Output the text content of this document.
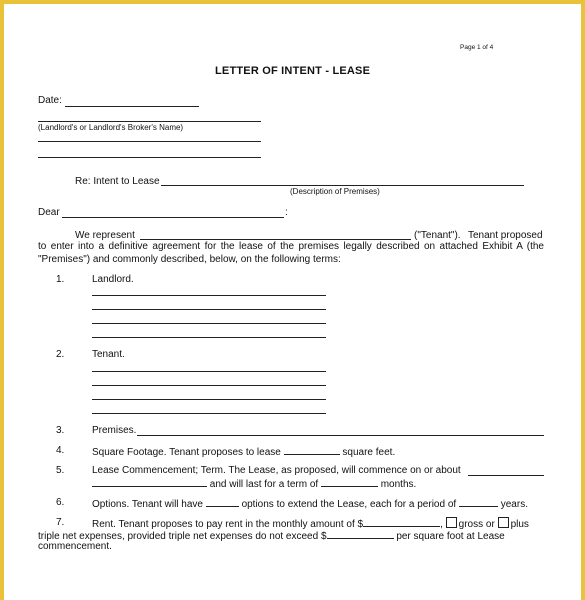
Page 1 of 4
LETTER OF INTENT - LEASE
Date:
(Landlord's or Landlord's Broker's Name)
Re: Intent to Lease
(Description of Premises)
Dear	:
We represent	("Tenant"). Tenant proposed
to enter into a definitive agreement for the lease of the premises legally described on attached Exhibit A (the
"Premises") and commonly described, below, on the following terms:
1.	Landlord.
2.	Tenant.
3.	Premises.
4.	Square Footage. Tenant proposes to lease	square feet.
5.	Lease Commencement; Term. The Lease, as proposed, will commence on or about
and will last for a term of	months.
6.	Options. Tenant will have	options to extend the Lease, each for a period of	years.
7.	Rent. Tenant proposes to pay rent in the monthly amount of $	, gross or plus
triple net expenses, provided triple net expenses do not exceed $	per square foot at Lease
commencement.
